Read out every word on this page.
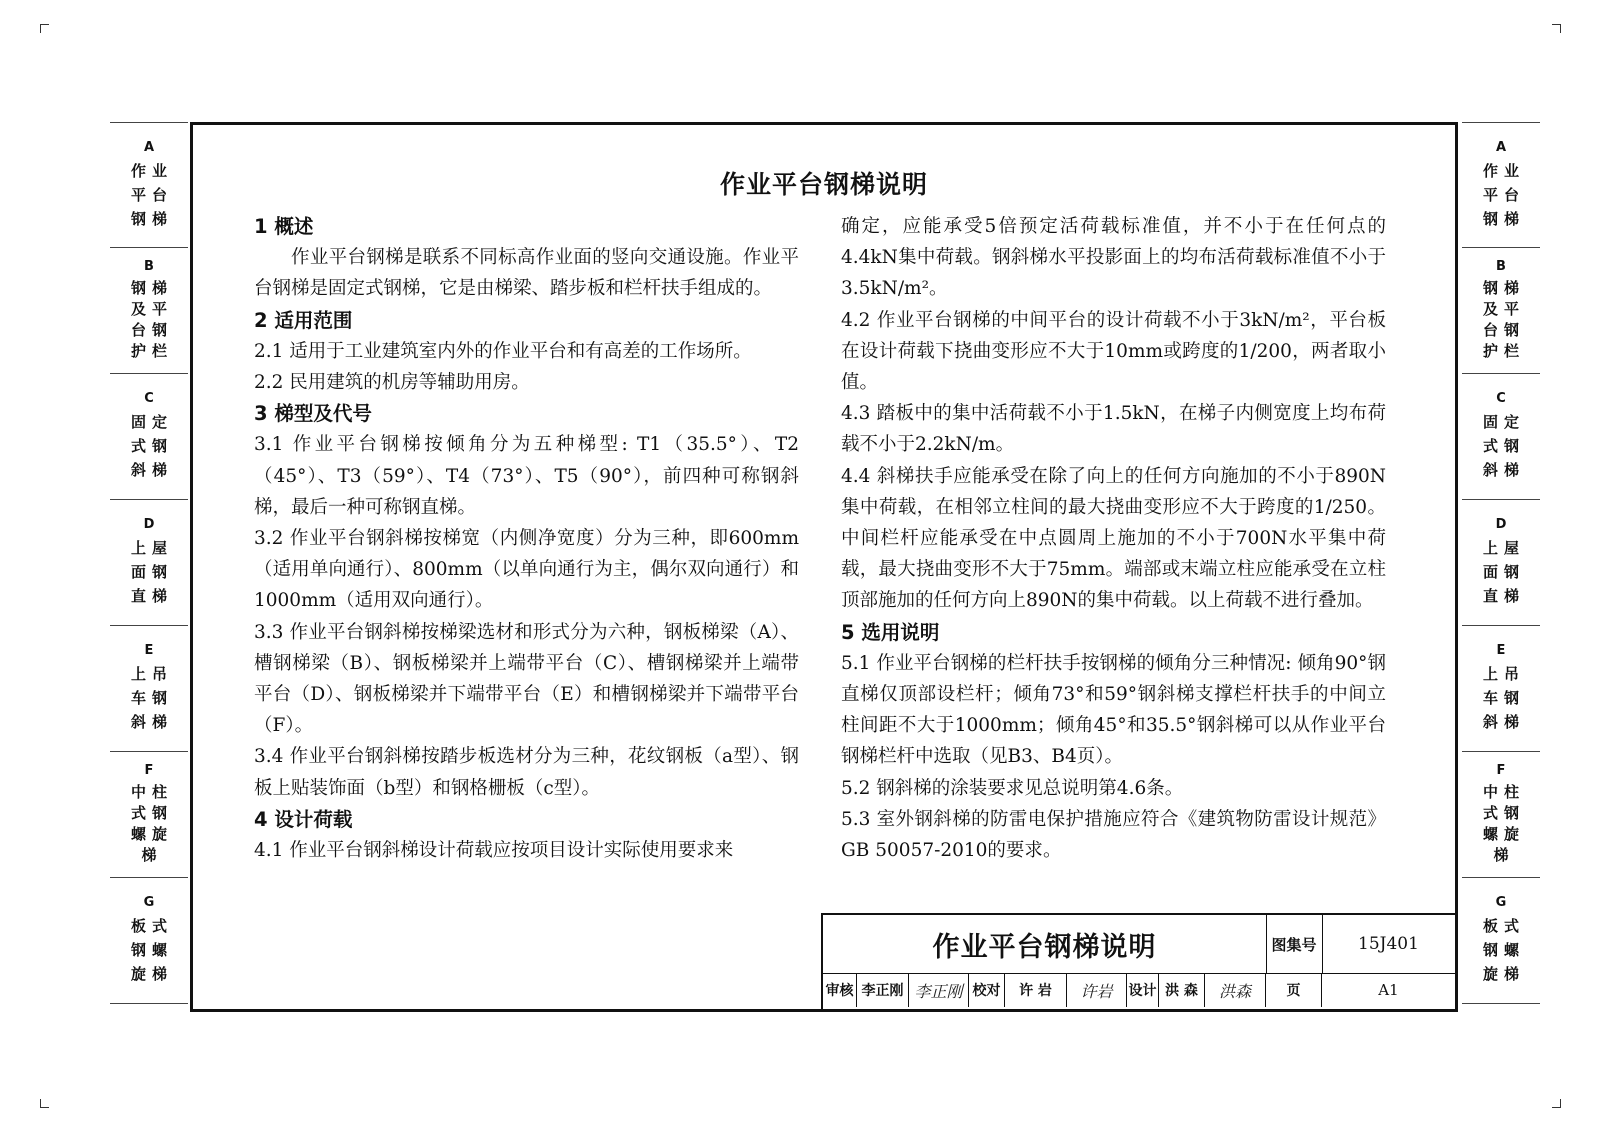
A
作业平台钢梯
B
钢梯及平台钢护栏
C
固定式钢斜梯
D
上屋面钢直梯
E
上吊车钢斜梯
F
中柱式钢螺旋梯
G
板式钢螺旋梯
A
作业平台钢梯
B
钢梯及平台钢护栏
C
固定式钢斜梯
D
上屋面钢直梯
E
上吊车钢斜梯
F
中柱式钢螺旋梯
G
板式钢螺旋梯
作业平台钢梯说明

1 概述

作业平台钢梯是联系不同标高作业面的竖向交通设施。作业平台钢梯是固定式钢梯，它是由梯梁、踏步板和栏杆扶手组成的。

2 适用范围

2.1 适用于工业建筑室内外的作业平台和有高差的工作场所。

2.2 民用建筑的机房等辅助用房。

3 梯型及代号

3.1 作业平台钢梯按倾角分为五种梯型: T1（35.5°）、T2（45°）、T3（59°）、T4（73°）、T5（90°），前四种可称钢斜梯，最后一种可称钢直梯。

3.2 作业平台钢斜梯按梯宽（内侧净宽度）分为三种，即600mm（适用单向通行）、800mm（以单向通行为主，偶尔双向通行）和1000mm（适用双向通行）。

3.3 作业平台钢斜梯按梯梁选材和形式分为六种，钢板梯梁（A）、槽钢梯梁（B）、钢板梯梁并上端带平台（C）、槽钢梯梁并上端带平台（D）、钢板梯梁并下端带平台（E）和槽钢梯梁并下端带平台（F）。

3.4 作业平台钢斜梯按踏步板选材分为三种，花纹钢板（a型）、钢板上贴装饰面（b型）和钢格栅板（c型）。

4 设计荷载

4.1 作业平台钢斜梯设计荷载应按项目设计实际使用要求来

确定，应能承受5倍预定活荷载标准值，并不小于在任何点的4.4kN集中荷载。钢斜梯水平投影面上的均布活荷载标准值不小于3.5kN/m²。

4.2 作业平台钢梯的中间平台的设计荷载不小于3kN/m²，平台板在设计荷载下挠曲变形应不大于10mm或跨度的1/200，两者取小值。

4.3 踏板中的集中活荷载不小于1.5kN，在梯子内侧宽度上均布荷载不小于2.2kN/m。

4.4 斜梯扶手应能承受在除了向上的任何方向施加的不小于890N集中荷载，在相邻立柱间的最大挠曲变形应不大于跨度的1/250。中间栏杆应能承受在中点圆周上施加的不小于700N水平集中荷载，最大挠曲变形不大于75mm。端部或末端立柱应能承受在立柱顶部施加的任何方向上890N的集中荷载。以上荷载不进行叠加。

5 选用说明

5.1 作业平台钢梯的栏杆扶手按钢梯的倾角分三种情况: 倾角90°钢直梯仅顶部设栏杆；倾角73°和59°钢斜梯支撑栏杆扶手的中间立柱间距不大于1000mm；倾角45°和35.5°钢斜梯可以从作业平台钢梯栏杆中选取（见B3、B4页）。

5.2 钢斜梯的涂装要求见总说明第4.6条。

5.3 室外钢斜梯的防雷电保护措施应符合《建筑物防雷设计规范》GB 50057-2010的要求。

作业平台钢梯说明	图集号	15J401
审核 李正刚 李正刚 校对	许 岩	许岩	设计 洪 森	洪森	页	A1
